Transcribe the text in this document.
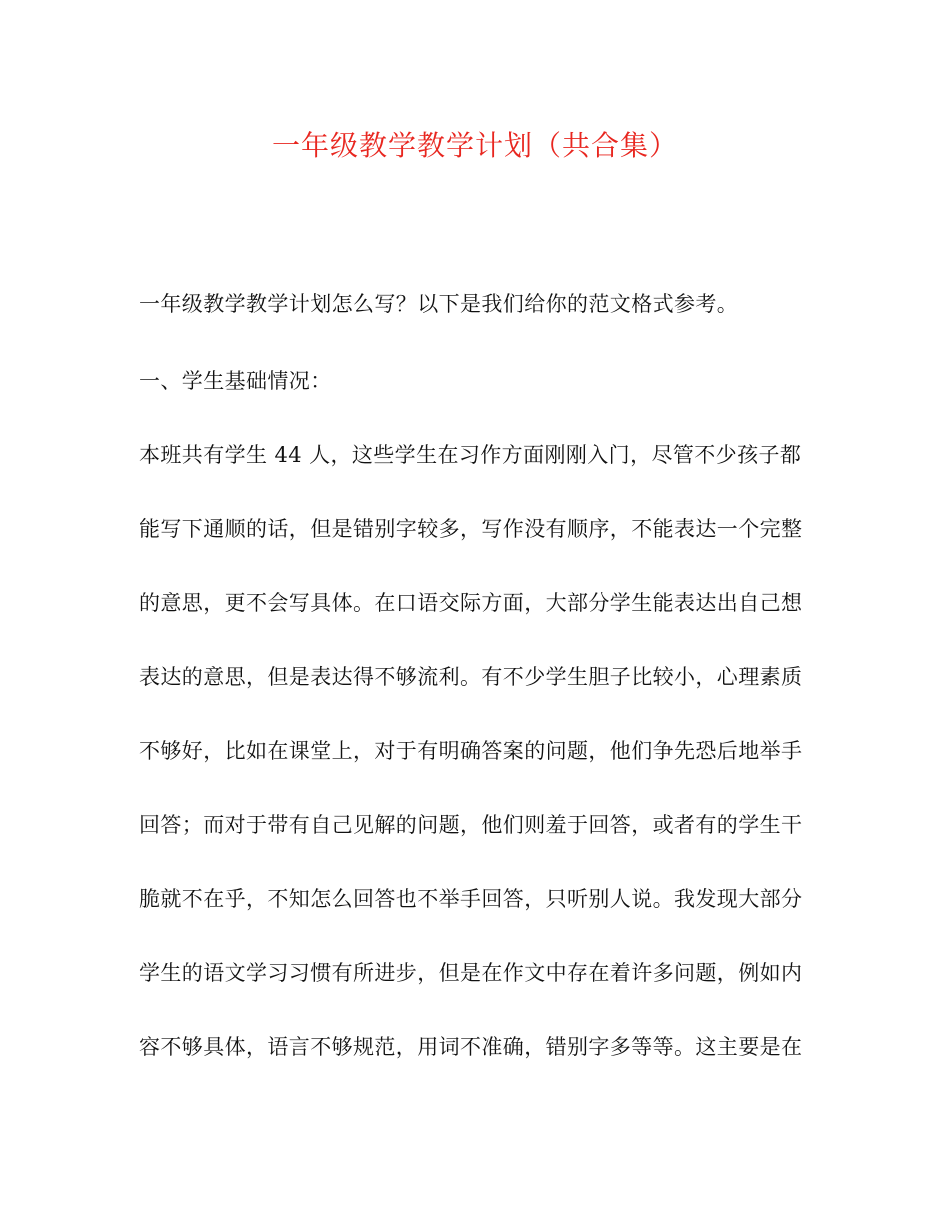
一年级教学教学计划（共合集）

一年级教学教学计划怎么写？以下是我们给你的范文格式参考。

一、学生基础情况：

本班共有学生 44 人，这些学生在习作方面刚刚入门，尽管不少孩子都

能写下通顺的话，但是错别字较多，写作没有顺序，不能表达一个完整

的意思，更不会写具体。在口语交际方面，大部分学生能表达出自己想

表达的意思，但是表达得不够流利。有不少学生胆子比较小，心理素质

不够好，比如在课堂上，对于有明确答案的问题，他们争先恐后地举手

回答；而对于带有自己见解的问题，他们则羞于回答，或者有的学生干

脆就不在乎，不知怎么回答也不举手回答，只听别人说。我发现大部分

学生的语文学习习惯有所进步，但是在作文中存在着许多问题，例如内

容不够具体，语言不够规范，用词不准确，错别字多等等。这主要是在
